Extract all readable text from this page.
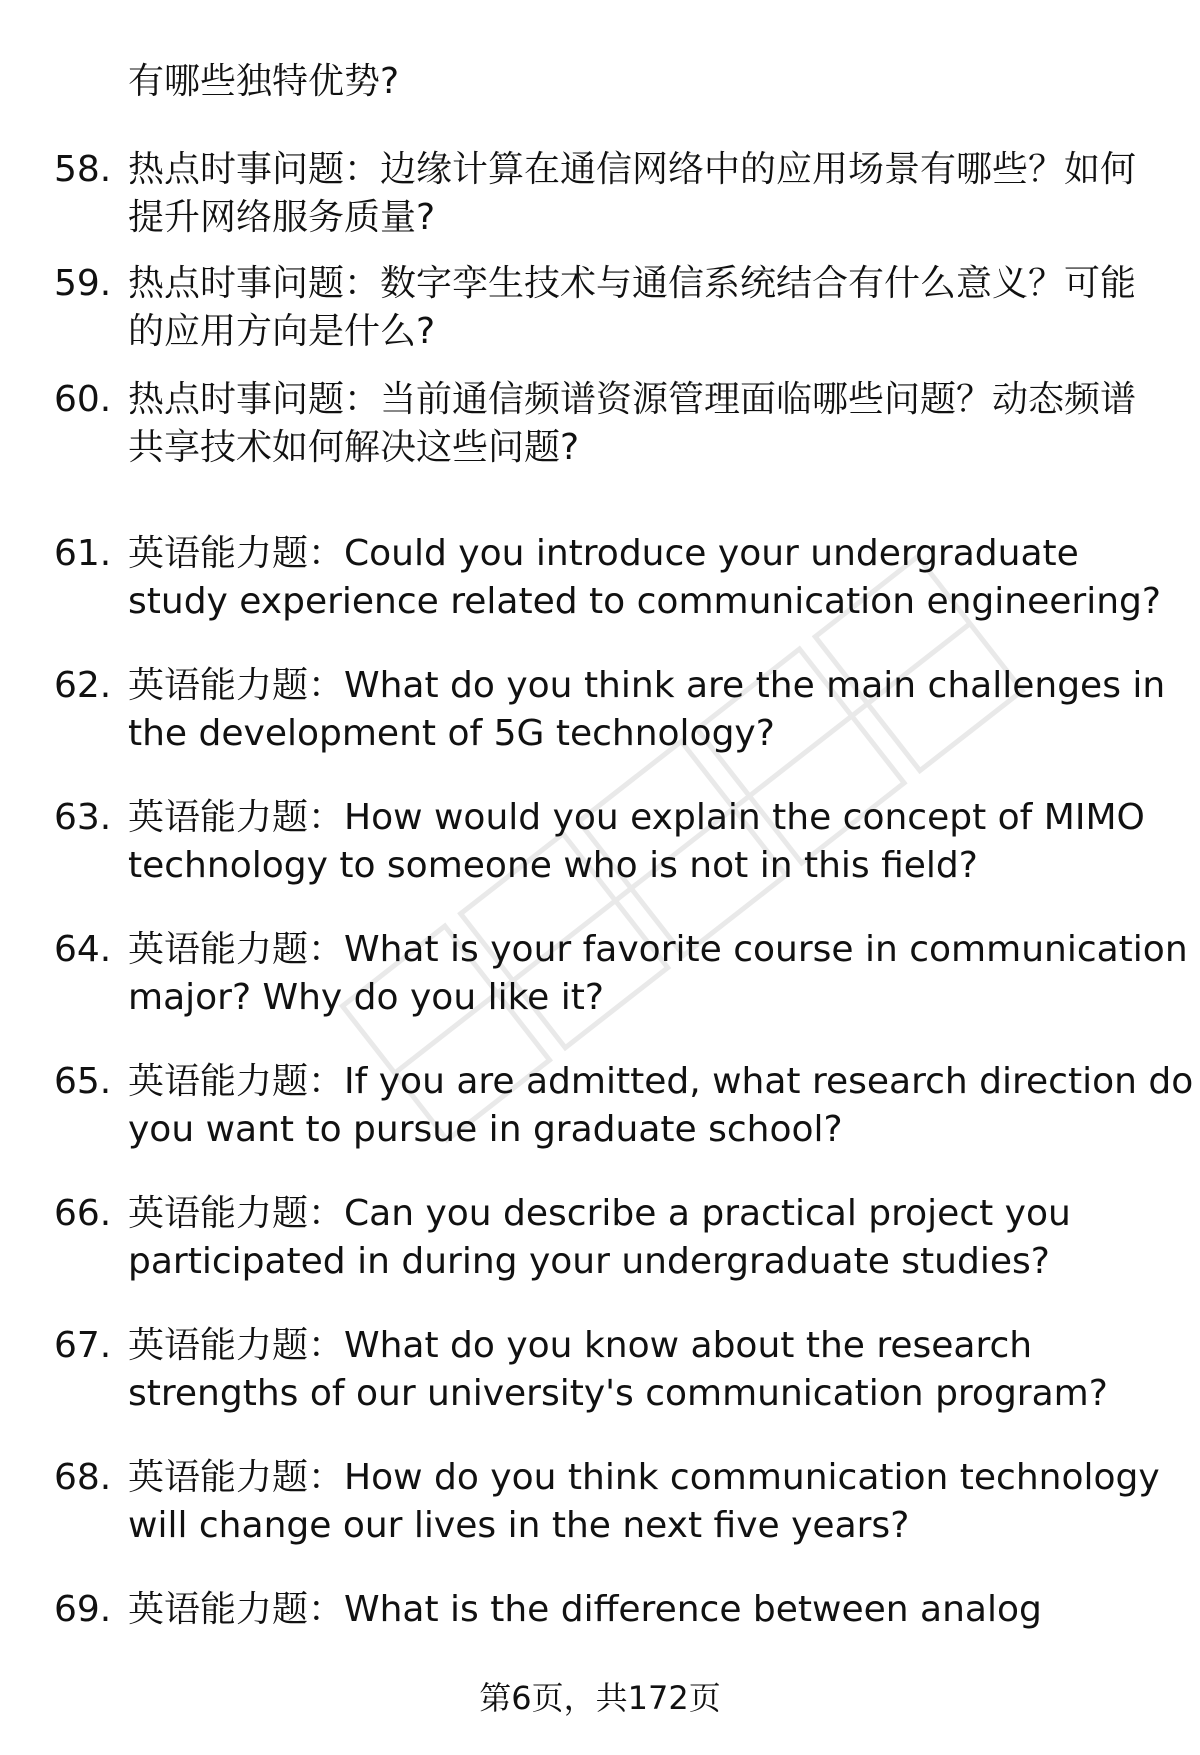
有哪些独特优势?
58. 热点时事问题：边缘计算在通信网络中的应用场景有哪些？如何
提升网络服务质量?
59. 热点时事问题：数字孪生技术与通信系统结合有什么意义？可能
的应用方向是什么?
60. 热点时事问题：当前通信频谱资源管理面临哪些问题？动态频谱
共享技术如何解决这些问题?
61. 英语能力题：Could you introduce your undergraduate
study experience related to communication engineering?
62. 英语能力题：What do you think are the main challenges in
the development of 5G technology?
63. 英语能力题：How would you explain the concept of MIMO
technology to someone who is not in this field?
64. 英语能力题：What is your favorite course in communication
major? Why do you like it?
65. 英语能力题：If you are admitted, what research direction do
you want to pursue in graduate school?
66. 英语能力题：Can you describe a practical project you
participated in during your undergraduate studies?
67. 英语能力题：What do you know about the research
strengths of our university's communication program?
68. 英语能力题：How do you think communication technology
will change our lives in the next five years?
69. 英语能力题：What is the difference between analog
第6页，共172页
